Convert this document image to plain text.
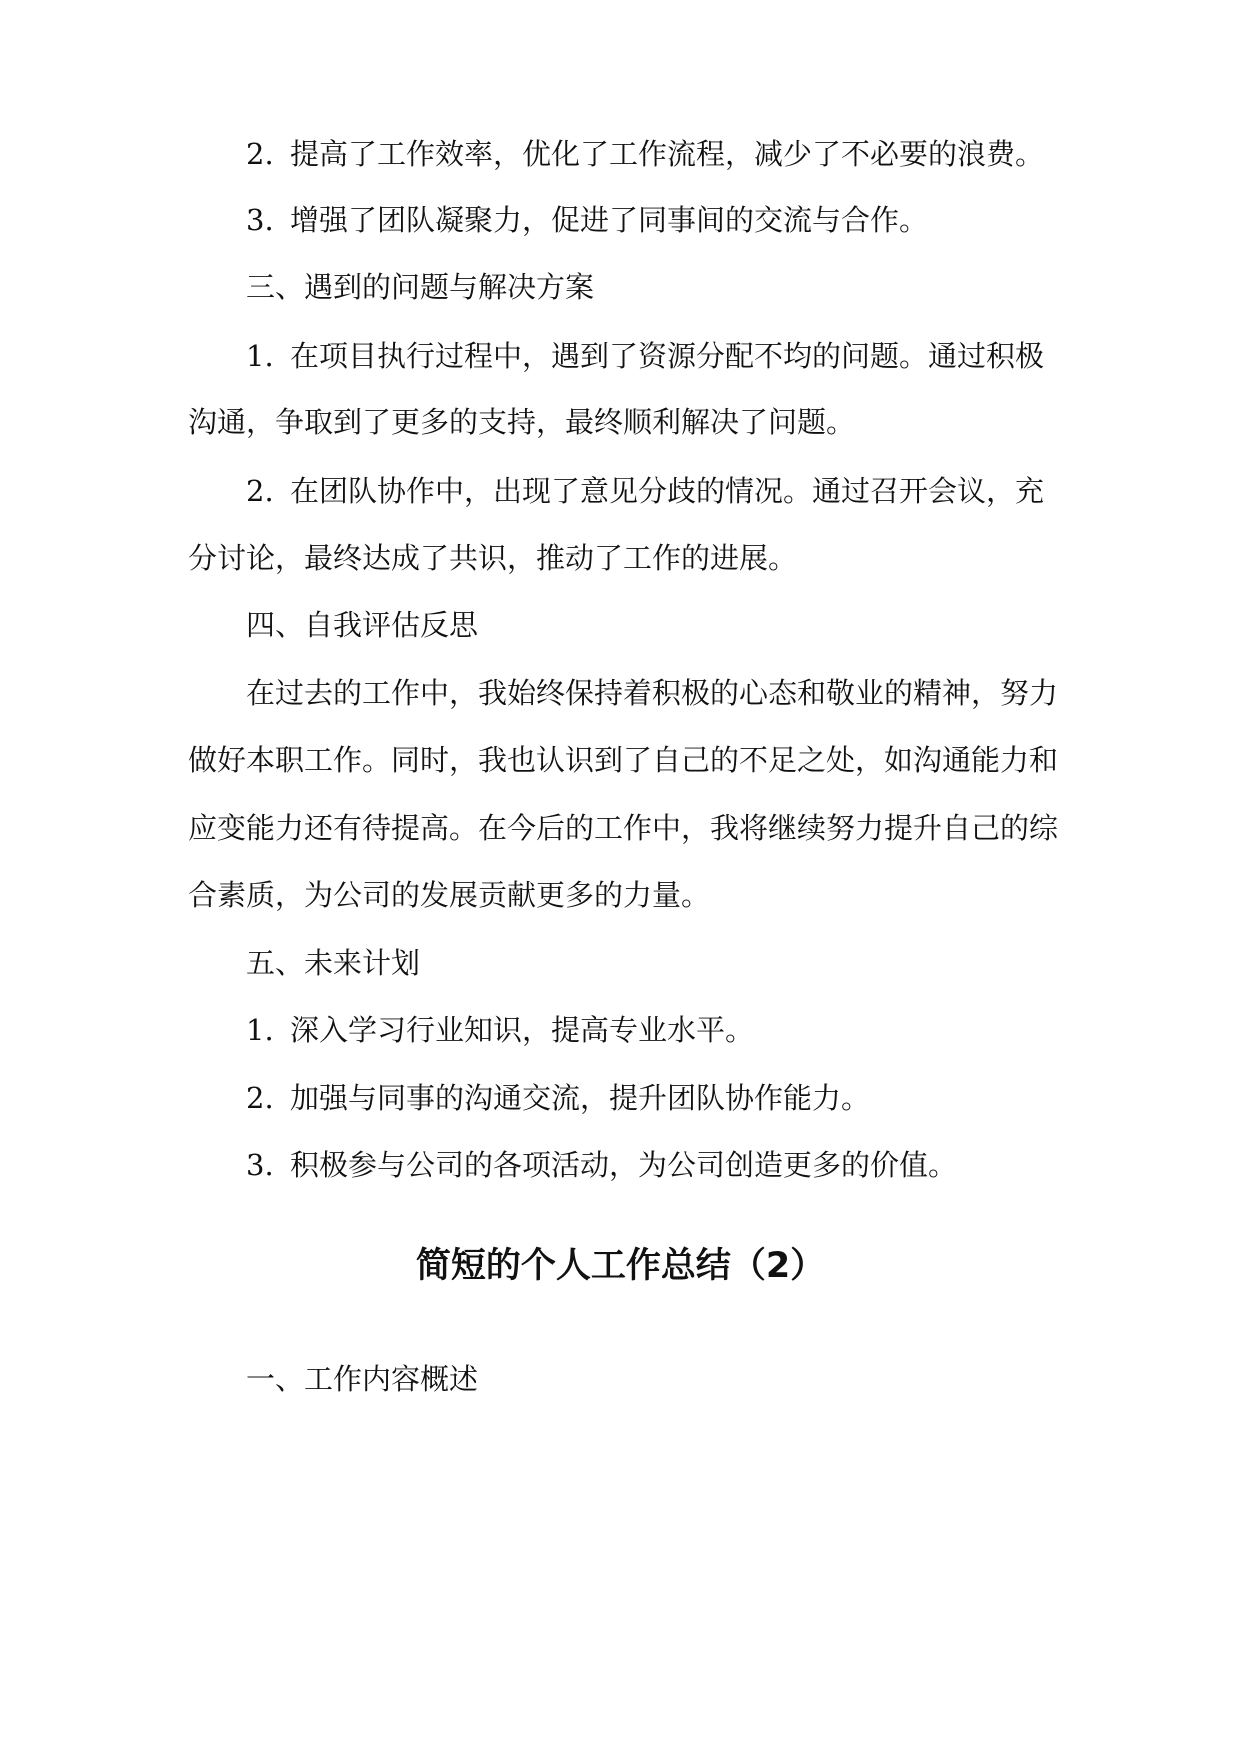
2. 提高了工作效率，优化了工作流程，减少了不必要的浪费。

3. 增强了团队凝聚力，促进了同事间的交流与合作。

三、遇到的问题与解决方案

1. 在项目执行过程中，遇到了资源分配不均的问题。通过积极

沟通，争取到了更多的支持，最终顺利解决了问题。

2. 在团队协作中，出现了意见分歧的情况。通过召开会议，充

分讨论，最终达成了共识，推动了工作的进展。

四、自我评估反思

在过去的工作中，我始终保持着积极的心态和敬业的精神，努力

做好本职工作。同时，我也认识到了自己的不足之处，如沟通能力和

应变能力还有待提高。在今后的工作中，我将继续努力提升自己的综

合素质，为公司的发展贡献更多的力量。

五、未来计划

1. 深入学习行业知识，提高专业水平。

2. 加强与同事的沟通交流，提升团队协作能力。

3. 积极参与公司的各项活动，为公司创造更多的价值。

简短的个人工作总结（2）

一、工作内容概述
